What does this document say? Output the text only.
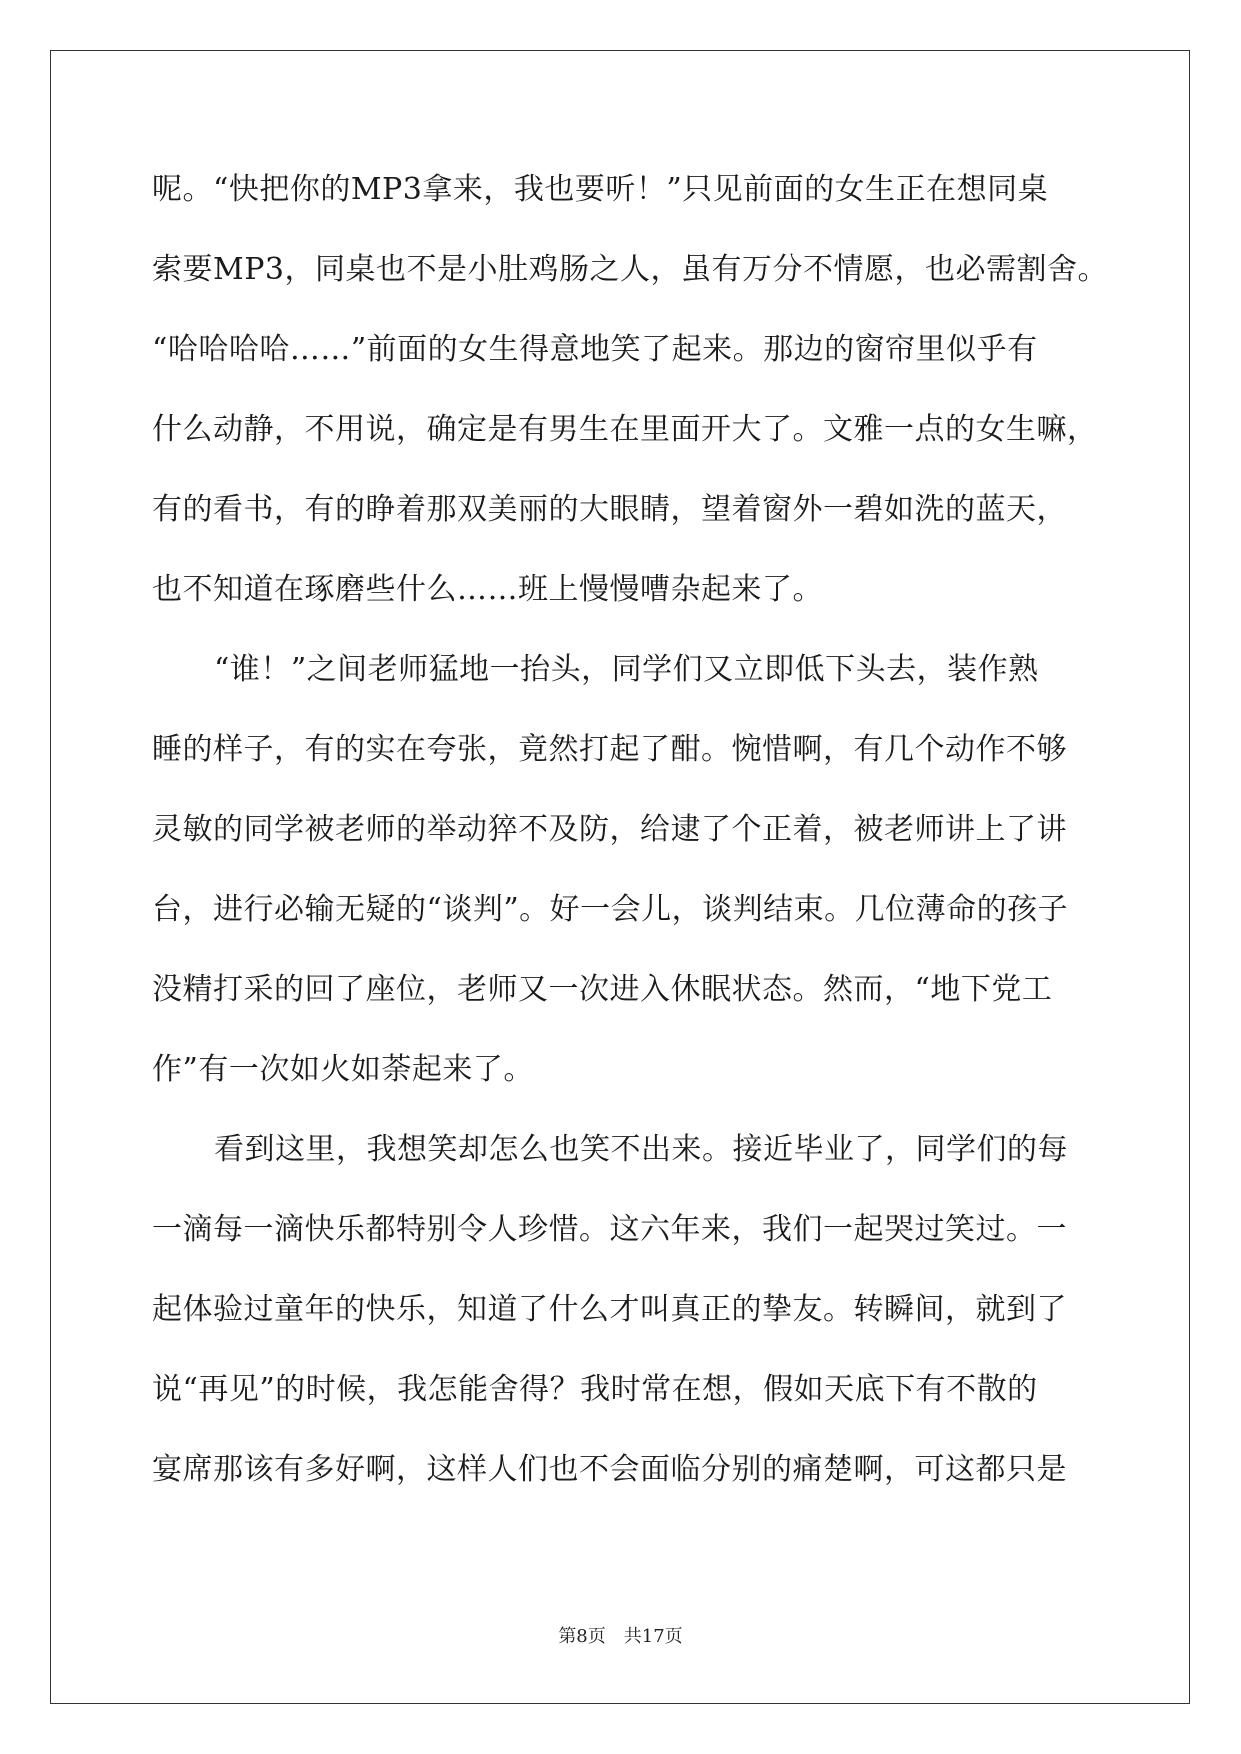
呢。“快把你的MP3拿来，我也要听！”只见前面的女生正在想同桌
索要MP3，同桌也不是小肚鸡肠之人，虽有万分不情愿，也必需割舍。
“哈哈哈哈……”前面的女生得意地笑了起来。那边的窗帘里似乎有
什么动静，不用说，确定是有男生在里面开大了。文雅一点的女生嘛，
有的看书，有的睁着那双美丽的大眼睛，望着窗外一碧如洗的蓝天，
也不知道在琢磨些什么……班上慢慢嘈杂起来了。
“谁！”之间老师猛地一抬头，同学们又立即低下头去，装作熟
睡的样子，有的实在夸张，竟然打起了酣。惋惜啊，有几个动作不够
灵敏的同学被老师的举动猝不及防，给逮了个正着，被老师讲上了讲
台，进行必输无疑的“谈判”。好一会儿，谈判结束。几位薄命的孩子
没精打采的回了座位，老师又一次进入休眠状态。然而，“地下党工
作”有一次如火如荼起来了。
看到这里，我想笑却怎么也笑不出来。接近毕业了，同学们的每
一滴每一滴快乐都特别令人珍惜。这六年来，我们一起哭过笑过。一
起体验过童年的快乐，知道了什么才叫真正的挚友。转瞬间，就到了
说“再见”的时候，我怎能舍得？我时常在想，假如天底下有不散的
宴席那该有多好啊，这样人们也不会面临分别的痛楚啊，可这都只是
第8页　共17页
